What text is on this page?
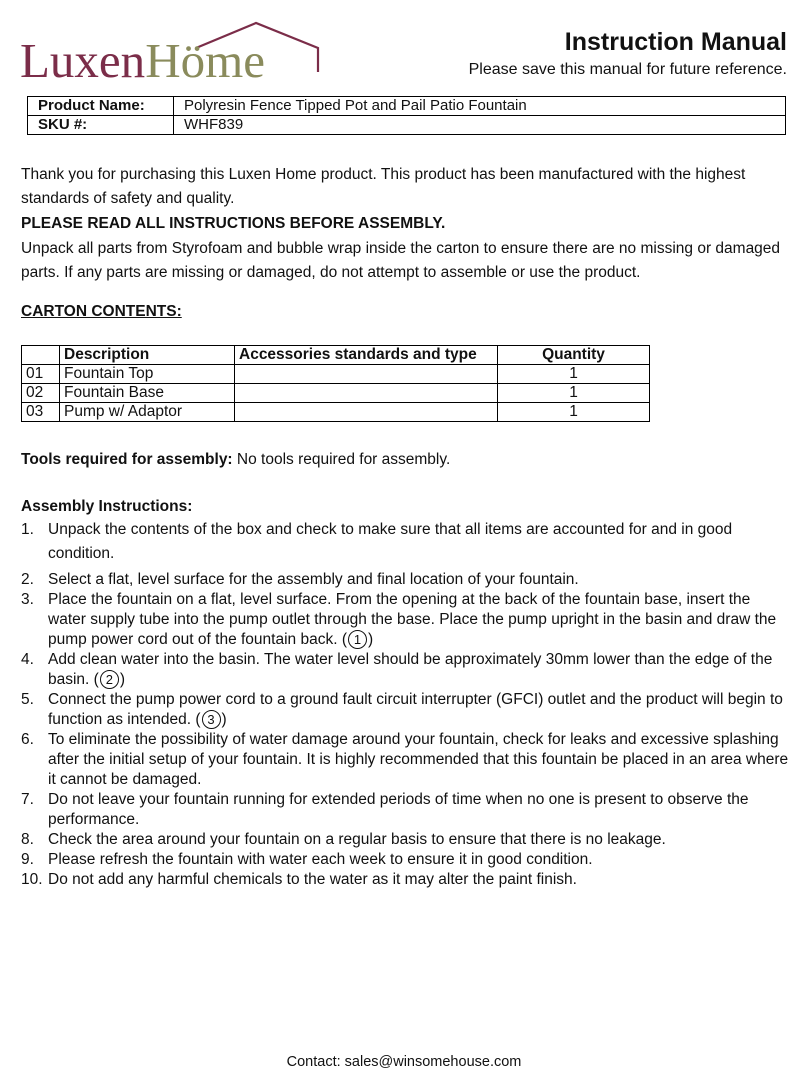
LuxenHöme	Instruction Manual
Please save this manual for future reference.
Product Name:	Polyresin Fence Tipped Pot and Pail Patio Fountain
SKU #:	WHF839
Thank you for purchasing this Luxen Home product. This product has been manufactured with the highest standards of safety and quality.
PLEASE READ ALL INSTRUCTIONS BEFORE ASSEMBLY.
Unpack all parts from Styrofoam and bubble wrap inside the carton to ensure there are no missing or damaged parts. If any parts are missing or damaged, do not attempt to assemble or use the product.
CARTON CONTENTS:
	Description	Accessories standards and type	Quantity
01	Fountain Top		1
02	Fountain Base		1
03	Pump w/ Adaptor		1
Tools required for assembly: No tools required for assembly.
Assembly Instructions:
1. Unpack the contents of the box and check to make sure that all items are accounted for and in good condition.
2. Select a flat, level surface for the assembly and final location of your fountain.
3. Place the fountain on a flat, level surface. From the opening at the back of the fountain base, insert the water supply tube into the pump outlet through the base. Place the pump upright in the basin and draw the pump power cord out of the fountain back. ( 1 )
4. Add clean water into the basin. The water level should be approximately 30mm lower than the edge of the basin. ( 2 )
5. Connect the pump power cord to a ground fault circuit interrupter (GFCI) outlet and the product will begin to function as intended. ( 3 )
6. To eliminate the possibility of water damage around your fountain, check for leaks and excessive splashing after the initial setup of your fountain. It is highly recommended that this fountain be placed in an area where it cannot be damaged.
7. Do not leave your fountain running for extended periods of time when no one is present to observe the performance.
8. Check the area around your fountain on a regular basis to ensure that there is no leakage.
9. Please refresh the fountain with water each week to ensure it in good condition.
10. Do not add any harmful chemicals to the water as it may alter the paint finish.
Contact: sales@winsomehouse.com
